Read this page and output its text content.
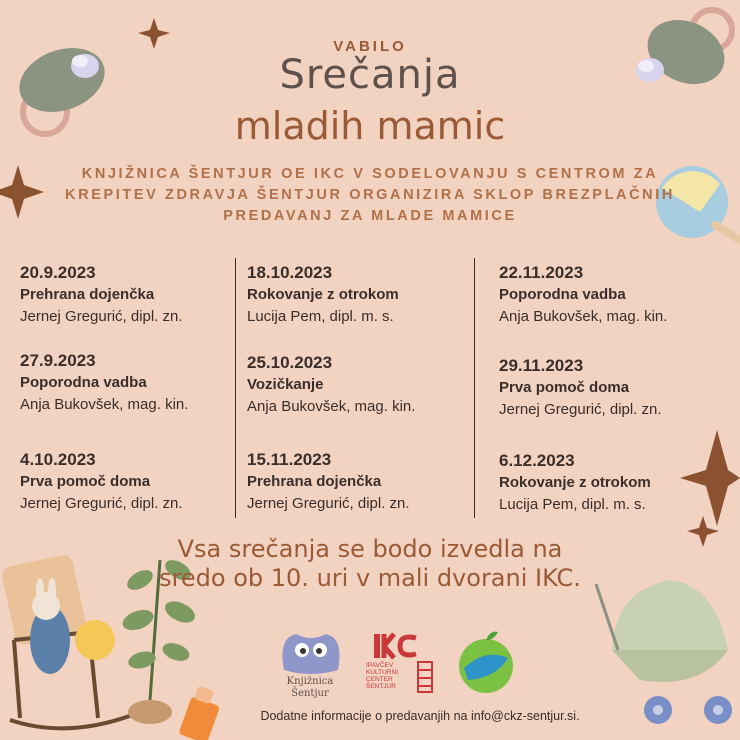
VABILO
Srečanja
mladih mamic
KNJIŽNICA ŠENTJUR OE IKC V SODELOVANJU S CENTROM ZA KREPITEV ZDRAVJA ŠENTJUR ORGANIZIRA SKLOP BREZPLAČNIH PREDAVANJ ZA MLADE MAMICE
20.9.2023
Prehrana dojenčka
Jernej Gregurić, dipl. zn.
27.9.2023
Poporodna vadba
Anja Bukovšek, mag. kin.
4.10.2023
Prva pomoč doma
Jernej Gregurić, dipl. zn.
18.10.2023
Rokovanje z otrokom
Lucija Pem, dipl. m. s.
25.10.2023
Vozičkanje
Anja Bukovšek, mag. kin.
15.11.2023
Prehrana dojenčka
Jernej Gregurić, dipl. zn.
22.11.2023
Poporodna vadba
Anja Bukovšek, mag. kin.
29.11.2023
Prva pomoč doma
Jernej Gregurić, dipl. zn.
6.12.2023
Rokovanje z otrokom
Lucija Pem, dipl. m. s.
Vsa srečanja se bodo izvedla na sredo ob 10. uri v mali dvorani IKC.
Knjižnica
Šentjur
IPAVČEV
KULTURNI
CENTER
ŠENTJUR
Dodatne informacije o predavanjih na info@ckz-sentjur.si.
